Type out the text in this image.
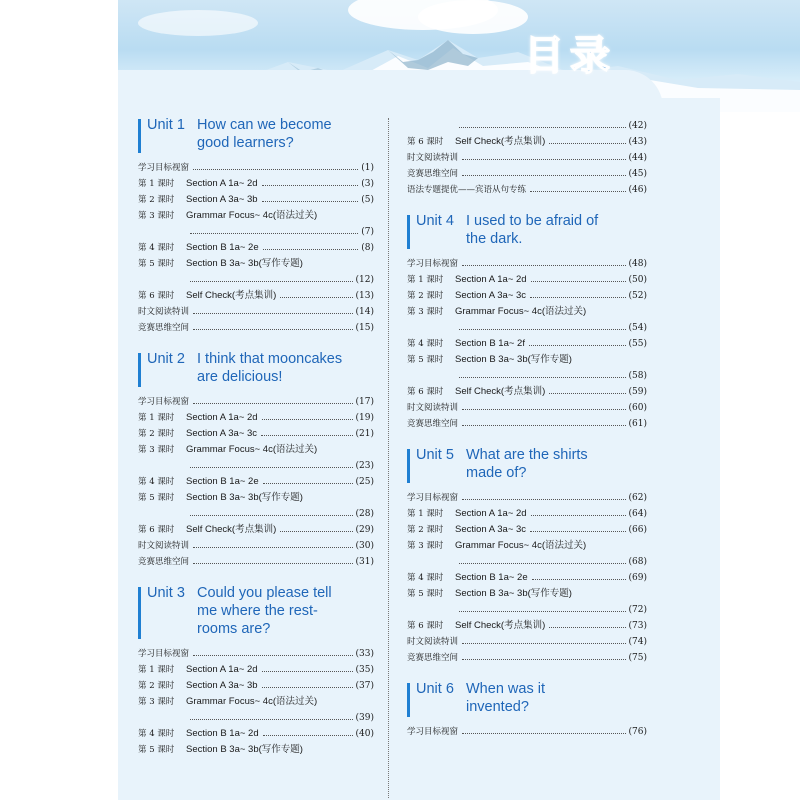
目录
Unit 1 How can we become
good learners?
学习目标视窗	(1)
第 1 课时	Section A 1a~ 2d	(3)
第 2 课时	Section A 3a~ 3b	(5)
第 3 课时	Grammar Focus~ 4c(语法过关)
(7)
第 4 课时	Section B 1a~ 2e	(8)
第 5 课时	Section B 3a~ 3b(写作专题)
(12)
第 6 课时	Self Check(考点集训)	(13)
时文阅读特训	(14)
竞赛思维空间	(15)
Unit 2 I think that mooncakes
are delicious!
学习目标视窗	(17)
第 1 课时	Section A 1a~ 2d	(19)
第 2 课时	Section A 3a~ 3c	(21)
第 3 课时	Grammar Focus~ 4c(语法过关)
(23)
第 4 课时	Section B 1a~ 2e	(25)
第 5 课时	Section B 3a~ 3b(写作专题)
(28)
第 6 课时	Self Check(考点集训)	(29)
时文阅读特训	(30)
竞赛思维空间	(31)
Unit 3 Could you please tell
me where the rest-
rooms are?
学习目标视窗	(33)
第 1 课时	Section A 1a~ 2d	(35)
第 2 课时	Section A 3a~ 3b	(37)
第 3 课时	Grammar Focus~ 4c(语法过关)
(39)
第 4 课时	Section B 1a~ 2d	(40)
第 5 课时	Section B 3a~ 3b(写作专题)
(42)
第 6 课时	Self Check(考点集训)	(43)
时文阅读特训	(44)
竞赛思维空间	(45)
语法专题提优——宾语从句专练	(46)
Unit 4 I used to be afraid of
the dark.
学习目标视窗	(48)
第 1 课时	Section A 1a~ 2d	(50)
第 2 课时	Section A 3a~ 3c	(52)
第 3 课时	Grammar Focus~ 4c(语法过关)
(54)
第 4 课时	Section B 1a~ 2f	(55)
第 5 课时	Section B 3a~ 3b(写作专题)
(58)
第 6 课时	Self Check(考点集训)	(59)
时文阅读特训	(60)
竞赛思维空间	(61)
Unit 5 What are the shirts
made of?
学习目标视窗	(62)
第 1 课时	Section A 1a~ 2d	(64)
第 2 课时	Section A 3a~ 3c	(66)
第 3 课时	Grammar Focus~ 4c(语法过关)
(68)
第 4 课时	Section B 1a~ 2e	(69)
第 5 课时	Section B 3a~ 3b(写作专题)
(72)
第 6 课时	Self Check(考点集训)	(73)
时文阅读特训	(74)
竞赛思维空间	(75)
Unit 6 When was it
invented?
学习目标视窗	(76)
